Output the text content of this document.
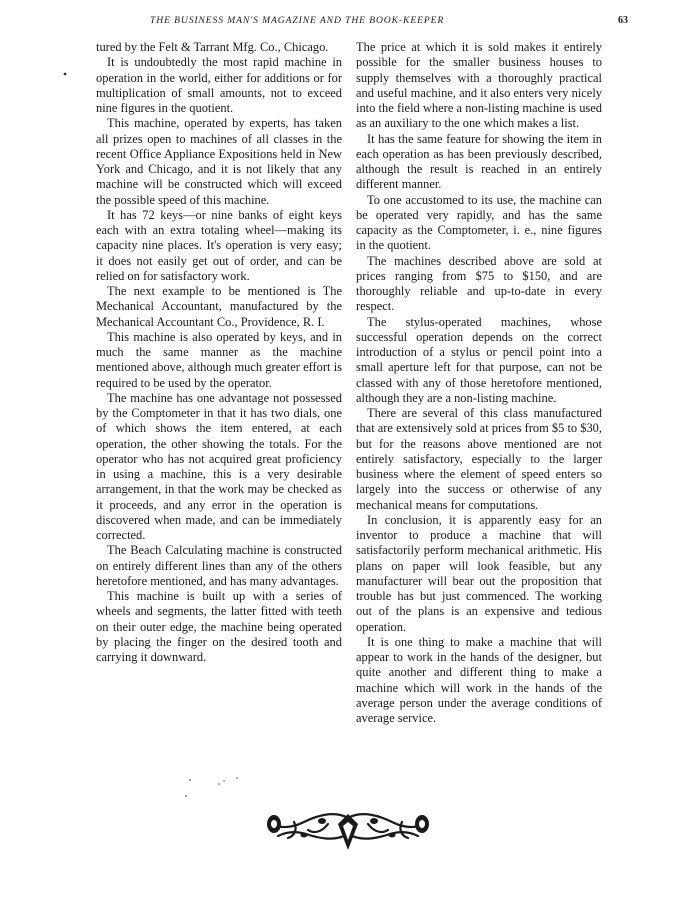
THE BUSINESS MAN'S MAGAZINE AND THE BOOK-KEEPER	63

tured by the Felt & Tarrant Mfg. Co., Chicago.

It is undoubtedly the most rapid machine in operation in the world, either for additions or for multiplication of small amounts, not to exceed nine figures in the quotient.

This machine, operated by experts, has taken all prizes open to machines of all classes in the recent Office Appliance Expositions held in New York and Chicago, and it is not likely that any machine will be constructed which will exceed the possible speed of this machine.

It has 72 keys—or nine banks of eight keys each with an extra totaling wheel—making its capacity nine places. It's operation is very easy; it does not easily get out of order, and can be relied on for satisfactory work.

The next example to be mentioned is The Mechanical Accountant, manufactured by the Mechanical Accountant Co., Providence, R. I.

This machine is also operated by keys, and in much the same manner as the machine mentioned above, although much greater effort is required to be used by the operator.

The machine has one advantage not possessed by the Comptometer in that it has two dials, one of which shows the item entered, at each operation, the other showing the totals. For the operator who has not acquired great proficiency in using a machine, this is a very desirable arrangement, in that the work may be checked as it proceeds, and any error in the operation is discovered when made, and can be immediately corrected.

The Beach Calculating machine is constructed on entirely different lines than any of the others heretofore mentioned, and has many advantages.

This machine is built up with a series of wheels and segments, the latter fitted with teeth on their outer edge, the machine being operated by placing the finger on the desired tooth and carrying it downward.

The price at which it is sold makes it entirely possible for the smaller business houses to supply themselves with a thoroughly practical and useful machine, and it also enters very nicely into the field where a non-listing machine is used as an auxiliary to the one which makes a list.

It has the same feature for showing the item in each operation as has been previously described, although the result is reached in an entirely different manner.

To one accustomed to its use, the machine can be operated very rapidly, and has the same capacity as the Comptometer, i. e., nine figures in the quotient.

The machines described above are sold at prices ranging from $75 to $150, and are thoroughly reliable and up-to-date in every respect.

The stylus-operated machines, whose successful operation depends on the correct introduction of a stylus or pencil point into a small aperture left for that purpose, can not be classed with any of those heretofore mentioned, although they are a non-listing machine.

There are several of this class manufactured that are extensively sold at prices from $5 to $30, but for the reasons above mentioned are not entirely satisfactory, especially to the larger business where the element of speed enters so largely into the success or otherwise of any mechanical means for computations.

In conclusion, it is apparently easy for an inventor to produce a machine that will satisfactorily perform mechanical arithmetic. His plans on paper will look feasible, but any manufacturer will bear out the proposition that trouble has but just commenced. The working out of the plans is an expensive and tedious operation.

It is one thing to make a machine that will appear to work in the hands of the designer, but quite another and different thing to make a machine which will work in the hands of the average person under the average conditions of average service.
